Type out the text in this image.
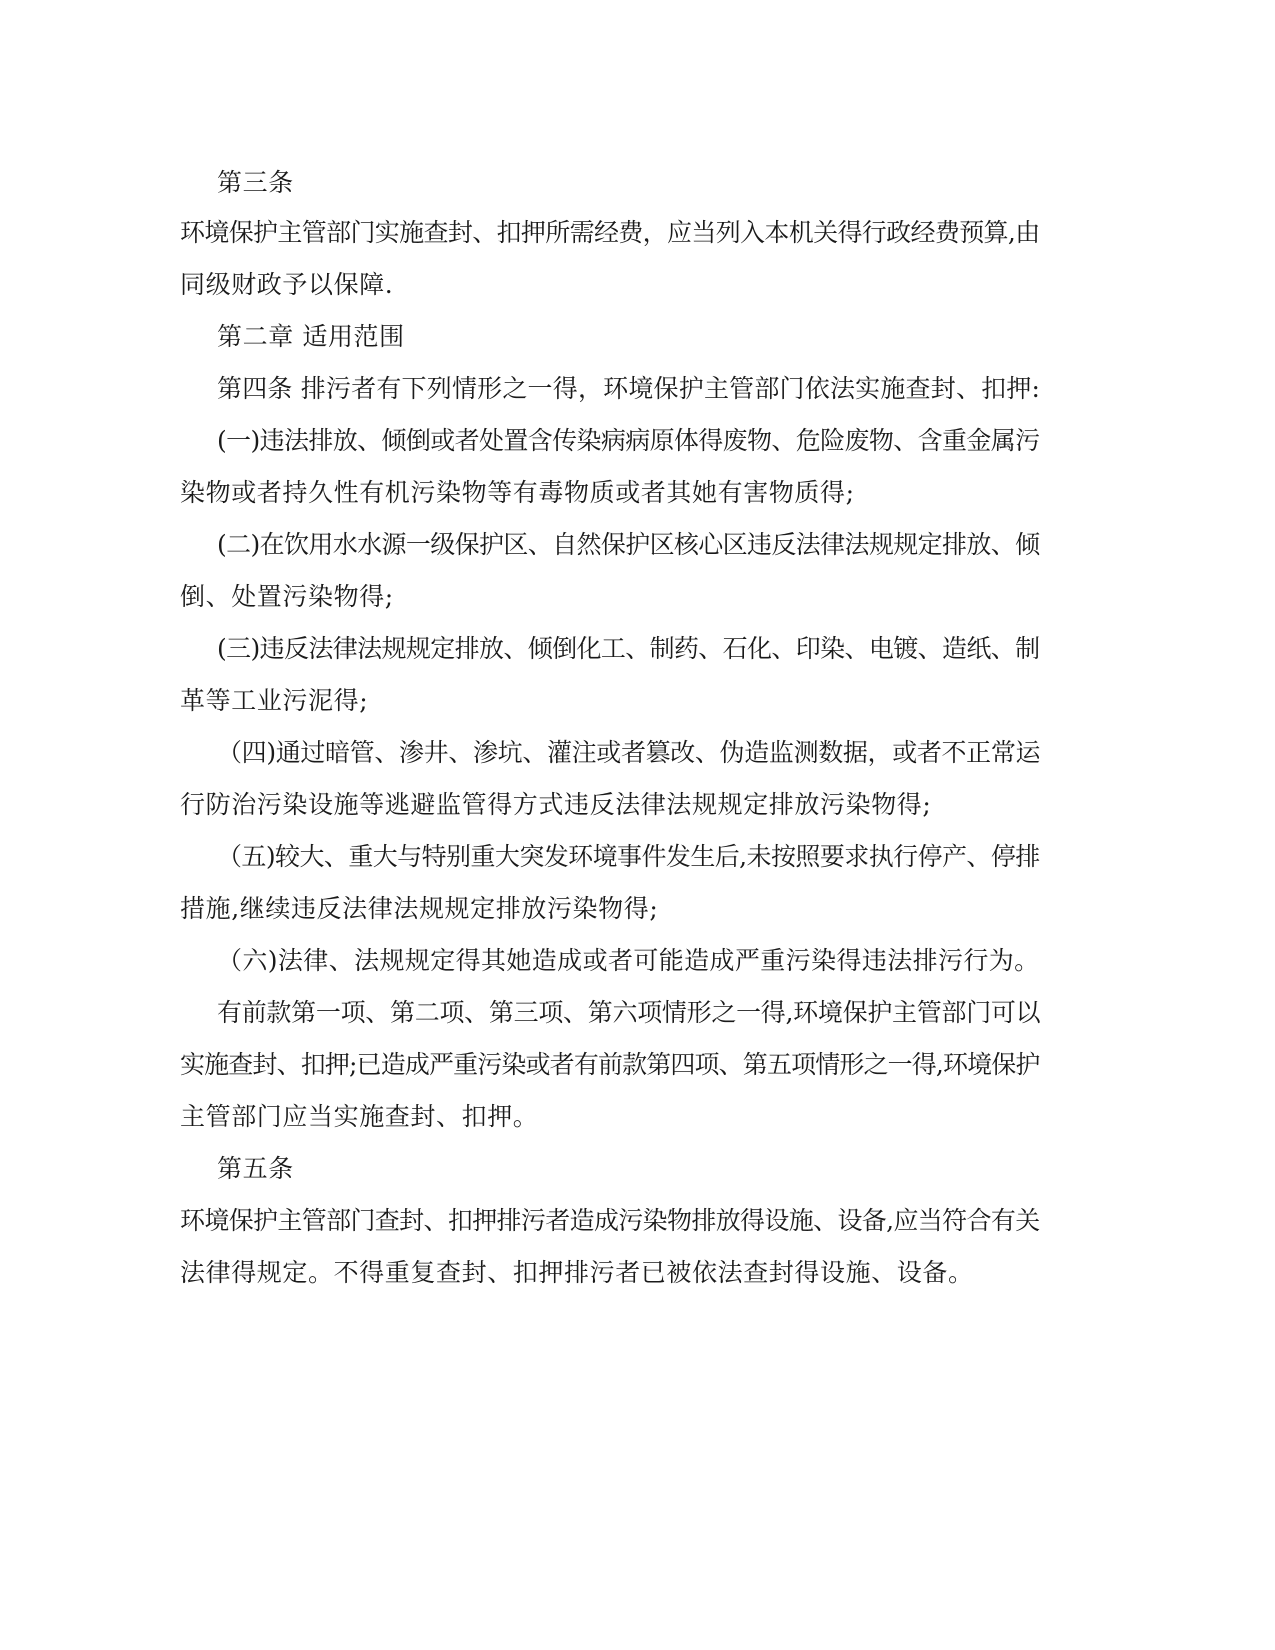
第三条
环境保护主管部门实施查封、扣押所需经费，应当列入本机关得行政经费预算,由
同级财政予以保障.
第二章 适用范围
第四条 排污者有下列情形之一得，环境保护主管部门依法实施查封、扣押:
(一)违法排放、倾倒或者处置含传染病病原体得废物、危险废物、含重金属污
染物或者持久性有机污染物等有毒物质或者其她有害物质得;
(二)在饮用水水源一级保护区、自然保护区核心区违反法律法规规定排放、倾
倒、处置污染物得;
(三)违反法律法规规定排放、倾倒化工、制药、石化、印染、电镀、造纸、制
革等工业污泥得;
（四)通过暗管、渗井、渗坑、灌注或者篡改、伪造监测数据，或者不正常运
行防治污染设施等逃避监管得方式违反法律法规规定排放污染物得;
（五)较大、重大与特别重大突发环境事件发生后,未按照要求执行停产、停排
措施,继续违反法律法规规定排放污染物得;
（六)法律、法规规定得其她造成或者可能造成严重污染得违法排污行为。
有前款第一项、第二项、第三项、第六项情形之一得,环境保护主管部门可以
实施查封、扣押;已造成严重污染或者有前款第四项、第五项情形之一得,环境保护
主管部门应当实施查封、扣押。
第五条
环境保护主管部门查封、扣押排污者造成污染物排放得设施、设备,应当符合有关
法律得规定。不得重复查封、扣押排污者已被依法查封得设施、设备。
